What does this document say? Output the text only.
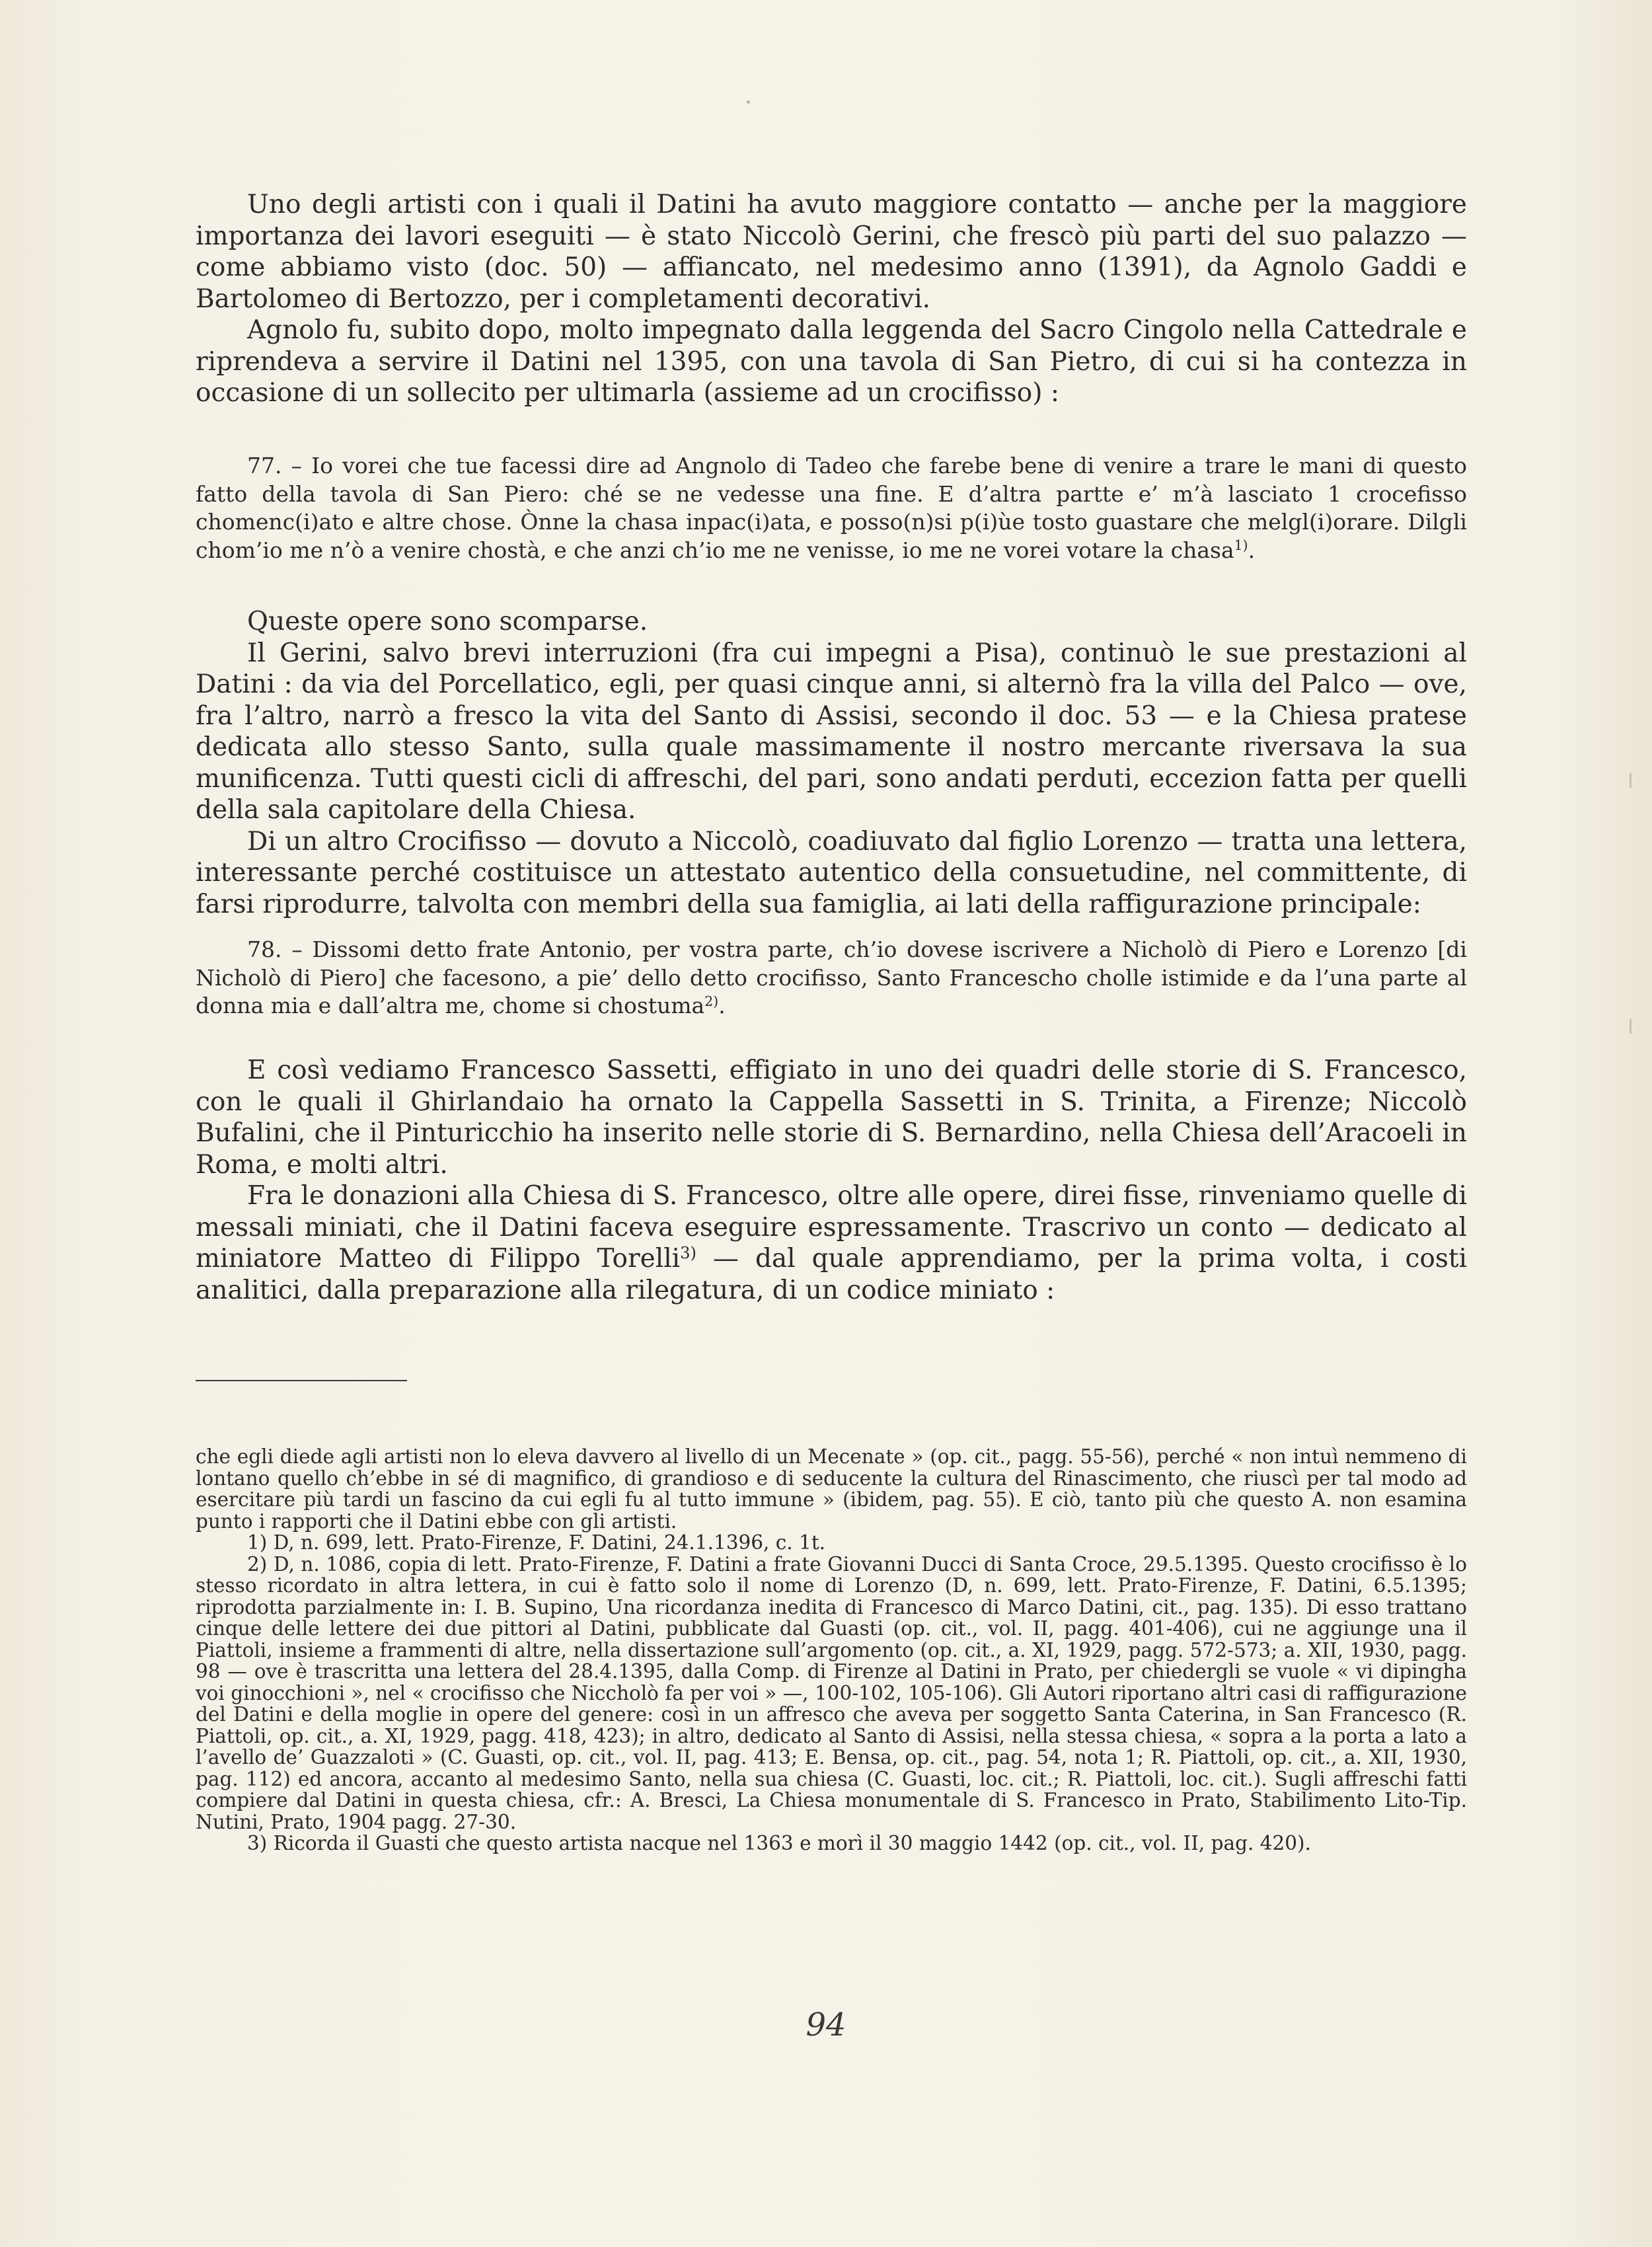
Uno degli artisti con i quali il Datini ha avuto maggiore contatto — anche per la maggiore importanza dei lavori eseguiti — è stato Niccolò Gerini, che frescò più parti del suo palazzo — come abbiamo visto (doc. 50) — affiancato, nel medesimo anno (1391), da Agnolo Gaddi e Bartolomeo di Bertozzo, per i completamenti decorativi.

Agnolo fu, subito dopo, molto impegnato dalla leggenda del Sacro Cingolo nella Cattedrale e riprendeva a servire il Datini nel 1395, con una tavola di San Pietro, di cui si ha contezza in occasione di un sollecito per ultimarla (assieme ad un crocifisso) :

77. – Io vorei che tue facessi dire ad Angnolo di Tadeo che farebe bene di venire a trare le mani di questo fatto della tavola di San Piero: ché se ne vedesse una fine. E d’altra partte e’ m’à lasciato 1 crocefisso chomenc(i)ato e altre chose. Ònne la chasa inpac(i)ata, e posso(n)si p(i)ùe tosto guastare che melgl(i)orare. Dilgli chom’io me n’ò a venire chostà, e che anzi ch’io me ne venisse, io me ne vorei votare la chasa$^{1)}$.

Queste opere sono scomparse.

Il Gerini, salvo brevi interruzioni (fra cui impegni a Pisa), continuò le sue prestazioni al Datini : da via del Porcellatico, egli, per quasi cinque anni, si alternò fra la villa del Palco — ove, fra l’altro, narrò a fresco la vita del Santo di Assisi, secondo il doc. 53 — e la Chiesa pratese dedicata allo stesso Santo, sulla quale massimamente il nostro mercante riversava la sua munificenza. Tutti questi cicli di affreschi, del pari, sono andati perduti, eccezion fatta per quelli della sala capitolare della Chiesa.

Di un altro Crocifisso — dovuto a Niccolò, coadiuvato dal figlio Lorenzo — tratta una lettera, interessante perché costituisce un attestato autentico della consuetudine, nel committente, di farsi riprodurre, talvolta con membri della sua famiglia, ai lati della raffigurazione principale:

78. – Dissomi detto frate Antonio, per vostra parte, ch’io dovese iscrivere a Nicholò di Piero e Lorenzo [di Nicholò di Piero] che facesono, a pie’ dello detto crocifisso, Santo Francescho cholle istimide e da l’una parte al donna mia e dall’altra me, chome si chostuma$^{2)}$.

E così vediamo Francesco Sassetti, effigiato in uno dei quadri delle storie di S. Francesco, con le quali il Ghirlandaio ha ornato la Cappella Sassetti in S. Trinita, a Firenze; Niccolò Bufalini, che il Pinturicchio ha inserito nelle storie di S. Bernardino, nella Chiesa dell’Aracoeli in Roma, e molti altri.

Fra le donazioni alla Chiesa di S. Francesco, oltre alle opere, direi fisse, rinveniamo quelle di messali miniati, che il Datini faceva eseguire espressamente. Trascrivo un conto — dedicato al miniatore Matteo di Filippo Torelli$^{3)}$ — dal quale apprendiamo, per la prima volta, i costi analitici, dalla preparazione alla rilegatura, di un codice miniato :

che egli diede agli artisti non lo eleva davvero al livello di un Mecenate » (op. cit., pagg. 55-56), perché « non intuì nemmeno di lontano quello ch’ebbe in sé di magnifico, di grandioso e di seducente la cultura del Rinascimento, che riuscì per tal modo ad esercitare più tardi un fascino da cui egli fu al tutto immune » (ibidem, pag. 55). E ciò, tanto più che questo A. non esamina punto i rapporti che il Datini ebbe con gli artisti.

1) D, n. 699, lett. Prato-Firenze, F. Datini, 24.1.1396, c. 1t.

2) D, n. 1086, copia di lett. Prato-Firenze, F. Datini a frate Giovanni Ducci di Santa Croce, 29.5.1395. Questo crocifisso è lo stesso ricordato in altra lettera, in cui è fatto solo il nome di Lorenzo (D, n. 699, lett. Prato-Firenze, F. Datini, 6.5.1395; riprodotta parzialmente in: I. B. Supino, Una ricordanza inedita di Francesco di Marco Datini, cit., pag. 135). Di esso trattano cinque delle lettere dei due pittori al Datini, pubblicate dal Guasti (op. cit., vol. II, pagg. 401-406), cui ne aggiunge una il Piattoli, insieme a frammenti di altre, nella dissertazione sull’argomento (op. cit., a. XI, 1929, pagg. 572-573; a. XII, 1930, pagg. 98 — ove è trascritta una lettera del 28.4.1395, dalla Comp. di Firenze al Datini in Prato, per chiedergli se vuole « vi dipingha voi ginocchioni », nel « crocifisso che Niccholò fa per voi » —, 100-102, 105-106). Gli Autori riportano altri casi di raffigurazione del Datini e della moglie in opere del genere: così in un affresco che aveva per soggetto Santa Caterina, in San Francesco (R. Piattoli, op. cit., a. XI, 1929, pagg. 418, 423); in altro, dedicato al Santo di Assisi, nella stessa chiesa, « sopra a la porta a lato a l’avello de’ Guazzaloti » (C. Guasti, op. cit., vol. II, pag. 413; E. Bensa, op. cit., pag. 54, nota 1; R. Piattoli, op. cit., a. XII, 1930, pag. 112) ed ancora, accanto al medesimo Santo, nella sua chiesa (C. Guasti, loc. cit.; R. Piattoli, loc. cit.). Sugli affreschi fatti compiere dal Datini in questa chiesa, cfr.: A. Bresci, La Chiesa monumentale di S. Francesco in Prato, Stabilimento Lito-Tip. Nutini, Prato, 1904 pagg. 27-30.

3) Ricorda il Guasti che questo artista nacque nel 1363 e morì il 30 maggio 1442 (op. cit., vol. II, pag. 420).

94
